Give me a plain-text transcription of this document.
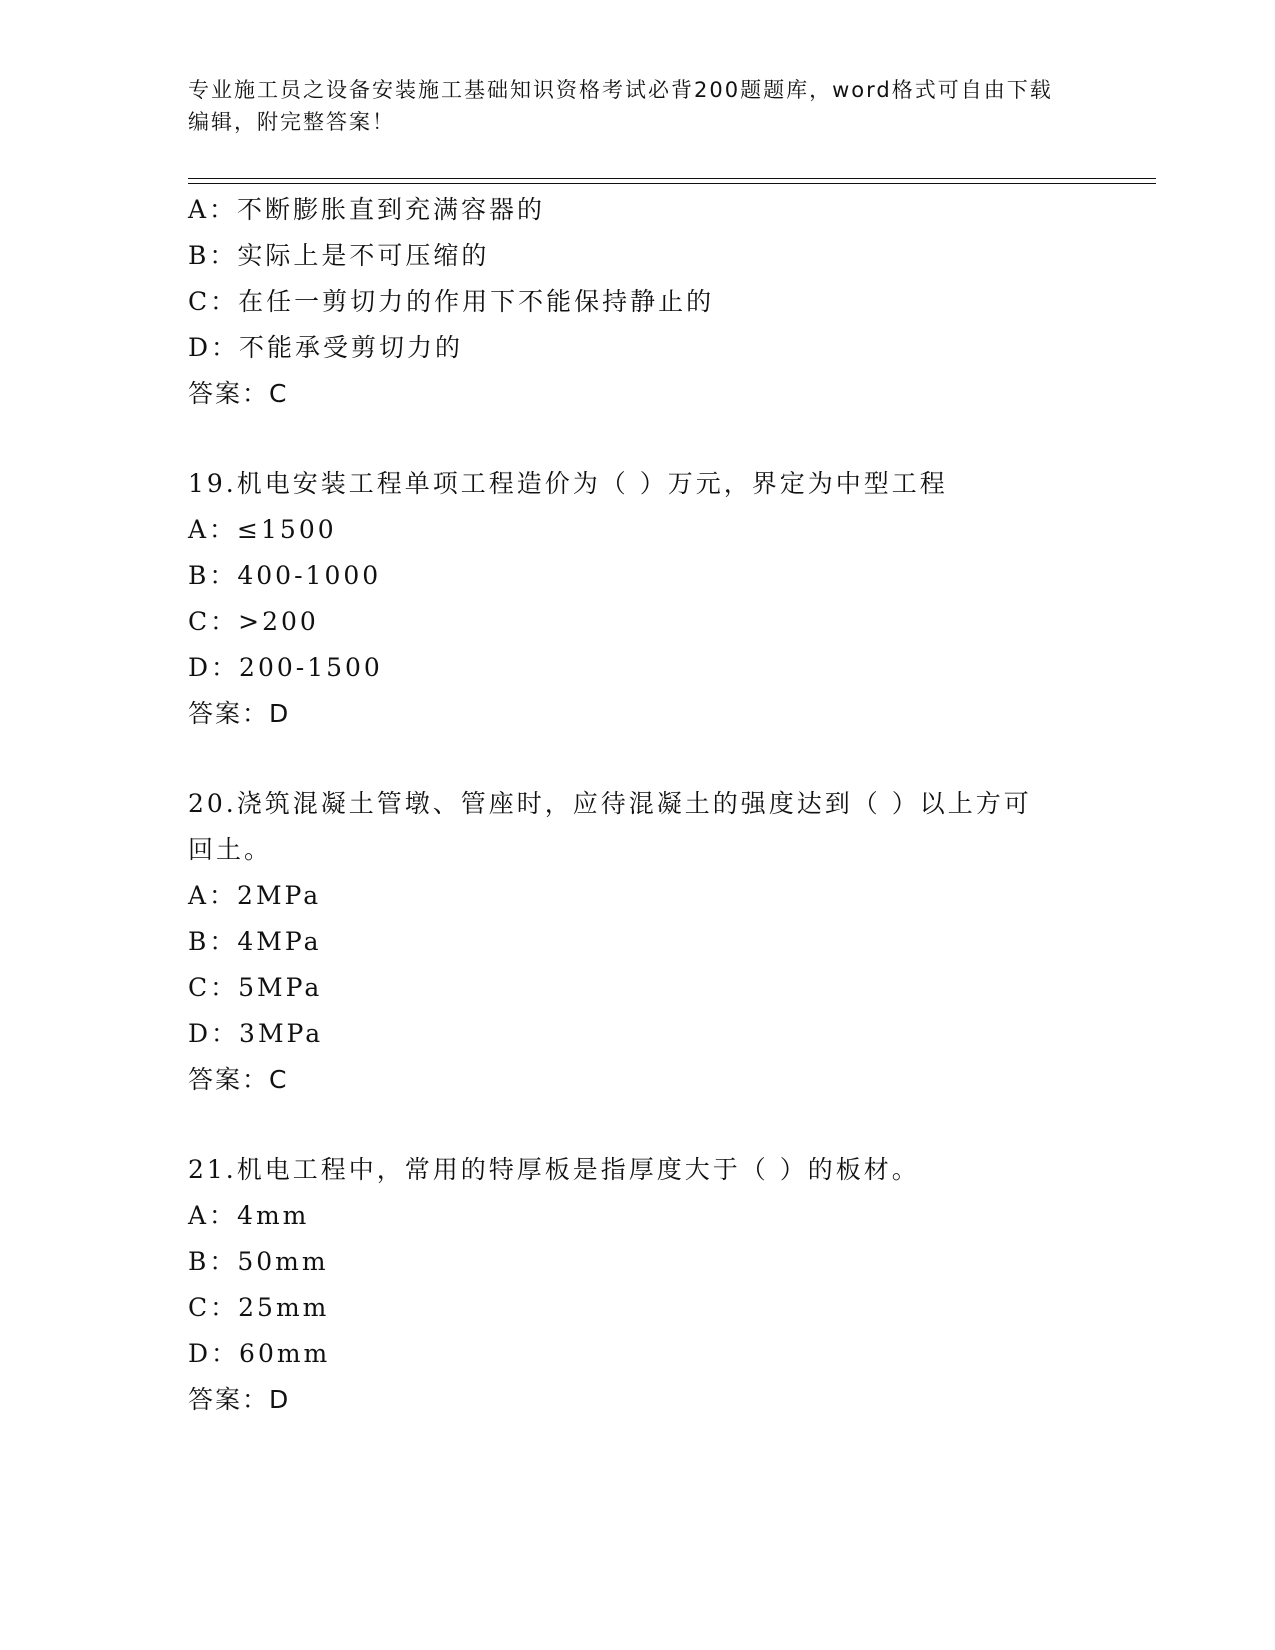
专业施工员之设备安装施工基础知识资格考试必背200题题库，word格式可自由下载编辑，附完整答案！
A：不断膨胀直到充满容器的
B：实际上是不可压缩的
C：在任一剪切力的作用下不能保持静止的
D：不能承受剪切力的
答案：C
19.机电安装工程单项工程造价为（ ）万元，界定为中型工程
A：≤1500
B：400-1000
C：>200
D：200-1500
答案：D
20.浇筑混凝土管墩、管座时，应待混凝土的强度达到（ ）以上方可回土。
A：2MPa
B：4MPa
C：5MPa
D：3MPa
答案：C
21.机电工程中，常用的特厚板是指厚度大于（ ）的板材。
A：4mm
B：50mm
C：25mm
D：60mm
答案：D
